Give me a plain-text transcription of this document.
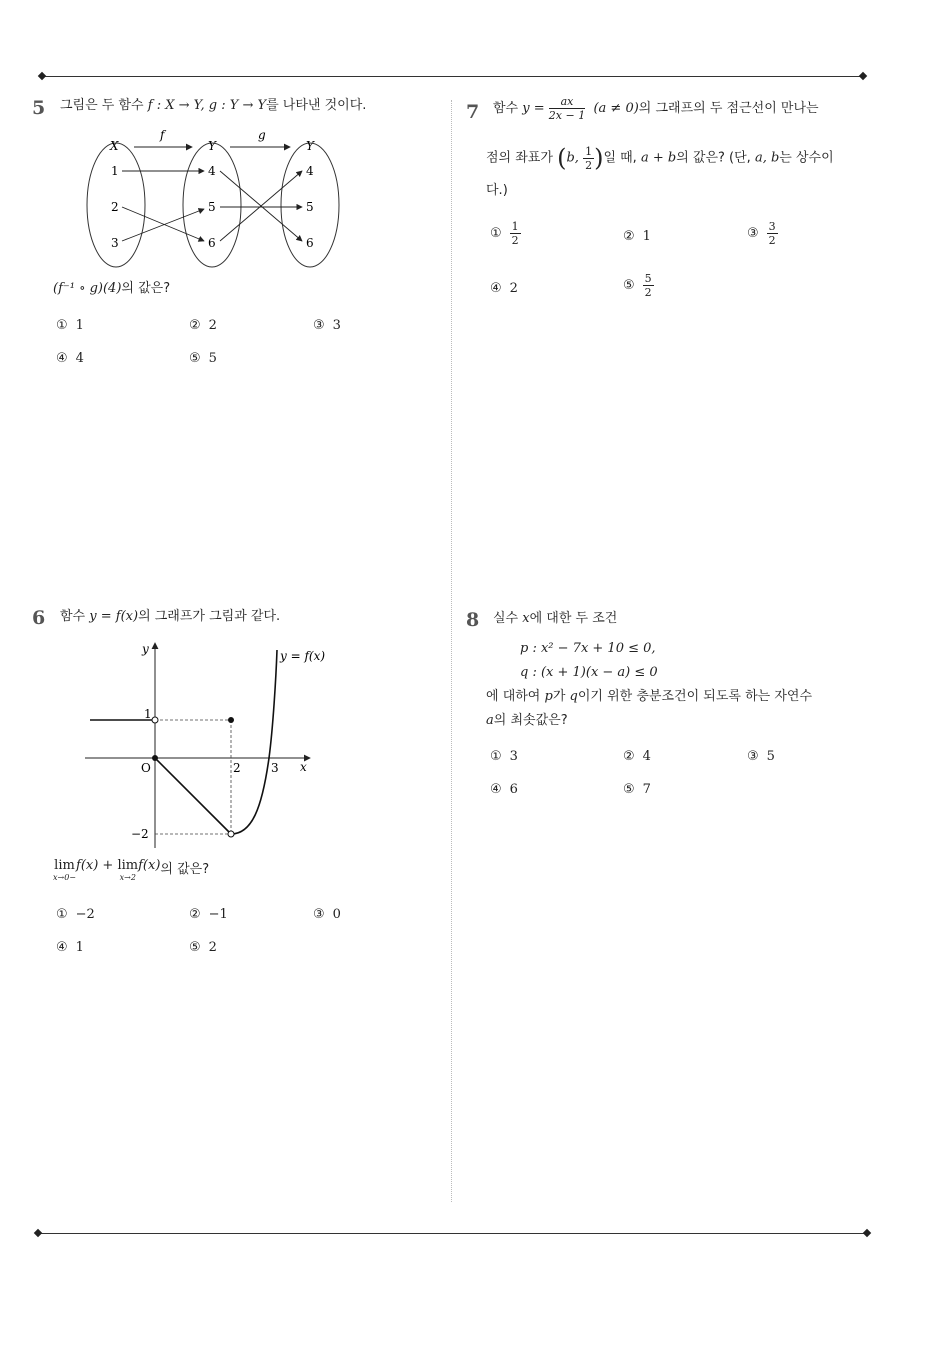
5 그림은 두 함수 f : X → Y, g : Y → Y를 나타낸 것이다.
X	Y	Y
f	g
1
2
3
4
5
6
4
5
6
(f⁻¹ ∘ g)(4)의 값은?
① 1	② 2	③ 3
④ 4	⑤ 5
6 함수 y = f(x)의 그래프가 그림과 같다.
y
x
O
1
2	3
−2
y = f(x)
lim
x→0−
f(x) + lim
x→2
f(x)의 값은?
① −2	② −1	③ 0
④ 1	⑤ 2
7 함수 $y = \frac{ax}{2x - 1} (a \ne 0)$의 그래프의 두 점근선이 만나는
점의 좌표가 (b, $\frac{1}{2}$ )일 때, a + b의 값은? (단, a, b는 상수이
다.)
① $\frac{1}{2}$	② 1	③ $\frac{3}{2}$
④ 2	⑤ $\frac{5}{2}$
8 실수 x에 대한 두 조건
p : x² − 7x + 10 ≤ 0,
q : (x + 1)(x − a) ≤ 0
에 대하여 p가 q이기 위한 충분조건이 되도록 하는 자연수
a의 최솟값은?
① 3	② 4	③ 5
④ 6	⑤ 7
